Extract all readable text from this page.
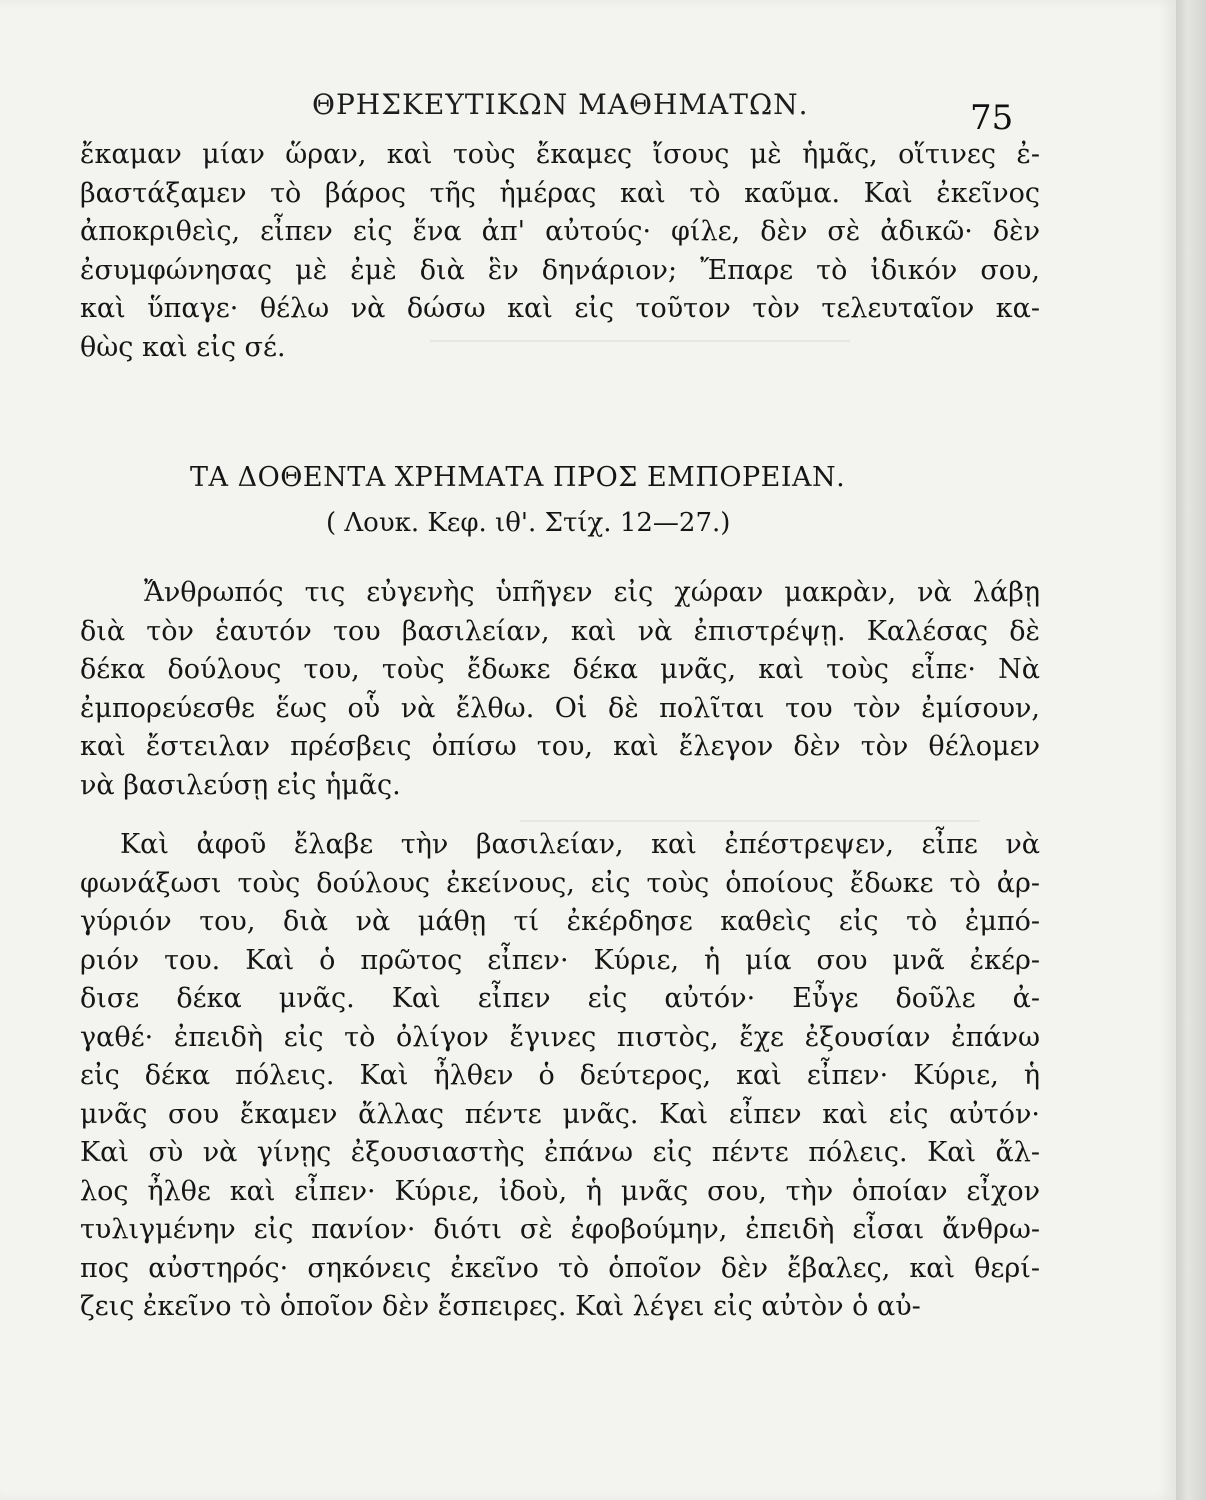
ΘΡΗΣΚΕΥΤΙΚΩΝ ΜΑΘΗΜΑΤΩΝ.	75
ἔκαμαν μίαν ὥραν, καὶ τοὺς ἔκαμες ἴσους μὲ ἡμᾶς, οἵτινες ἐ-
βαστάξαμεν τὸ βάρος τῆς ἡμέρας καὶ τὸ καῦμα. Καὶ ἐκεῖνος
ἀποκριθεὶς, εἶπεν εἰς ἕνα ἀπ' αὐτούς· φίλε, δὲν σὲ ἀδικῶ· δὲν
ἐσυμφώνησας μὲ ἐμὲ διὰ ἓν δηνάριον; Ἔπαρε τὸ ἰδικόν σου,
καὶ ὕπαγε· θέλω νὰ δώσω καὶ εἰς τοῦτον τὸν τελευταῖον κα-
θὼς καὶ εἰς σέ.
ΤΑ ΔΟΘΕΝΤΑ ΧΡΗΜΑΤΑ ΠΡΟΣ ΕΜΠΟΡΕΙΑΝ.
( Λουκ. Κεφ. ιθ'. Στίχ. 12—27.)
Ἄνθρωπός τις εὐγενὴς ὑπῆγεν εἰς χώραν μακρὰν, νὰ λάβῃ
διὰ τὸν ἑαυτόν του βασιλείαν, καὶ νὰ ἐπιστρέψῃ. Καλέσας δὲ
δέκα δούλους του, τοὺς ἔδωκε δέκα μνᾶς, καὶ τοὺς εἶπε· Νὰ
ἐμπορεύεσθε ἕως οὗ νὰ ἔλθω. Οἱ δὲ πολῖται του τὸν ἐμίσουν,
καὶ ἔστειλαν πρέσβεις ὀπίσω του, καὶ ἔλεγον δὲν τὸν θέλομεν
νὰ βασιλεύσῃ εἰς ἡμᾶς.
Καὶ ἀφοῦ ἔλαβε τὴν βασιλείαν, καὶ ἐπέστρεψεν, εἶπε νὰ
φωνάξωσι τοὺς δούλους ἐκείνους, εἰς τοὺς ὁποίους ἔδωκε τὸ ἀρ-
γύριόν του, διὰ νὰ μάθῃ τί ἐκέρδησε καθεὶς εἰς τὸ ἐμπό-
ριόν του. Καὶ ὁ πρῶτος εἶπεν· Κύριε, ἡ μία σου μνᾶ ἐκέρ-
δισε δέκα μνᾶς. Καὶ εἶπεν εἰς αὐτόν· Εὖγε δοῦλε ἀ-
γαθέ· ἐπειδὴ εἰς τὸ ὀλίγον ἔγινες πιστὸς, ἔχε ἐξουσίαν ἐπάνω
εἰς δέκα πόλεις. Καὶ ἦλθεν ὁ δεύτερος, καὶ εἶπεν· Κύριε, ἡ
μνᾶς σου ἔκαμεν ἄλλας πέντε μνᾶς. Καὶ εἶπεν καὶ εἰς αὐτόν·
Καὶ σὺ νὰ γίνῃς ἐξουσιαστὴς ἐπάνω εἰς πέντε πόλεις. Καὶ ἄλ-
λος ἦλθε καὶ εἶπεν· Κύριε, ἰδοὺ, ἡ μνᾶς σου, τὴν ὁποίαν εἶχον
τυλιγμένην εἰς πανίον· διότι σὲ ἐφοβούμην, ἐπειδὴ εἶσαι ἄνθρω-
πος αὐστηρός· σηκόνεις ἐκεῖνο τὸ ὁποῖον δὲν ἔβαλες, καὶ θερί-
ζεις ἐκεῖνο τὸ ὁποῖον δὲν ἔσπειρες. Καὶ λέγει εἰς αὐτὸν ὁ αὐ-
